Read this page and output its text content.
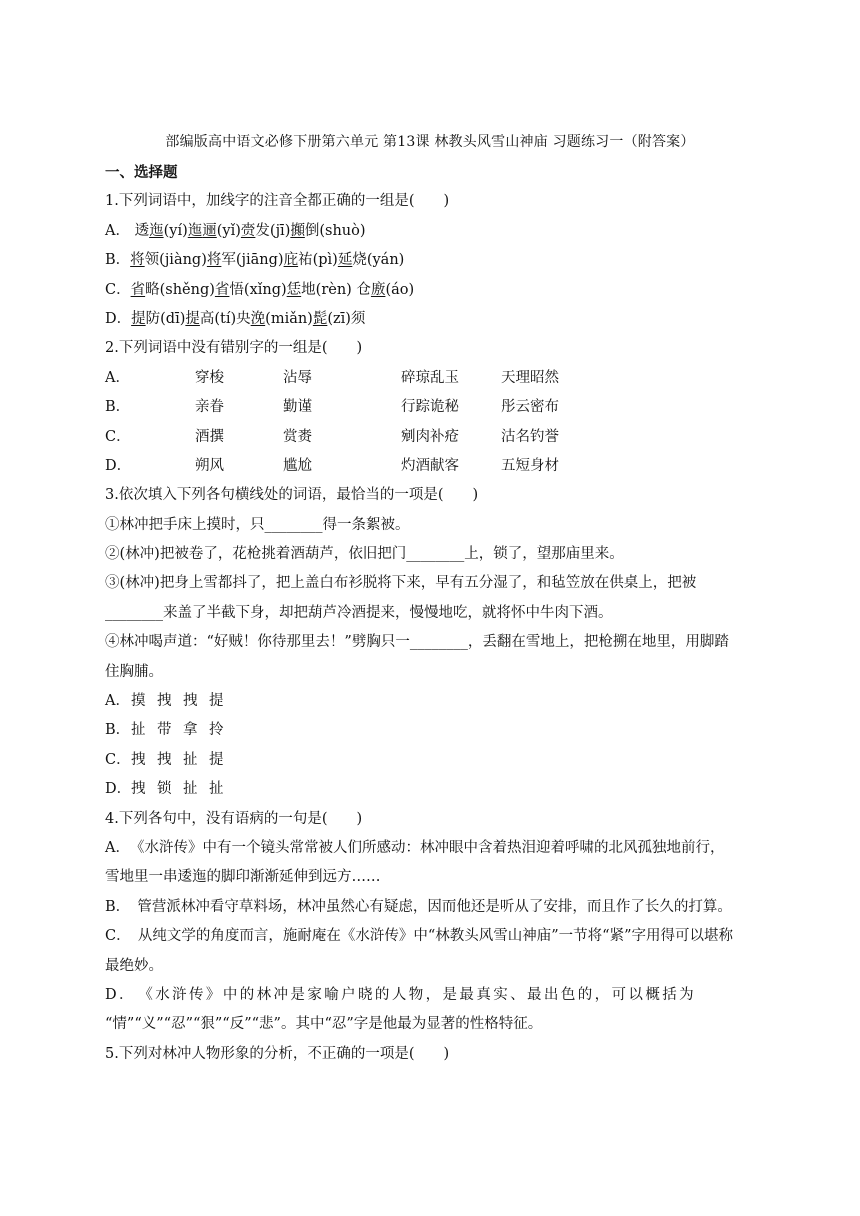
部编版高中语文必修下册第六单元 第13课 林教头风雪山神庙 习题练习一（附答案）
一、选择题
1.下列词语中，加线字的注音全都正确的一组是(　　)
A． 透迤(yí)迤逦(yǐ)赍发(jī)攧倒(shuò)
B．将领(jiàng)将军(jiāng)庇祐(pì)延烧(yán)
C．省略(shěng)省悟(xǐng)恁地(rèn) 仓廒(áo)
D．提防(dī)提高(tí)央浼(miǎn)髭(zī)须
2.下列词语中没有错别字的一组是(　　)
A．	穿梭	沾辱	碎琼乱玉	天理昭然
B．	亲眷	勤谨	行踪诡秘	彤云密布
C．	酒撰	赏赉	剜肉补疮	沽名钓誉
D．	朔风	尴尬	灼酒献客	五短身材
3.依次填入下列各句横线处的词语，最恰当的一项是(　　)
①林冲把手床上摸时，只________得一条絮被。
②(林冲)把被卷了，花枪挑着酒葫芦，依旧把门________上，锁了，望那庙里来。
③(林冲)把身上雪都抖了，把上盖白布衫脱将下来，早有五分湿了，和毡笠放在供桌上，把被
________来盖了半截下身，却把葫芦冷酒提来，慢慢地吃，就将怀中牛肉下酒。
④林冲喝声道：“好贼！你待那里去！”劈胸只一________，丢翻在雪地上，把枪搠在地里，用脚踏
住胸脯。
A．摸 拽 拽 提
B．扯 带 拿 拎
C．拽 拽 扯 提
D．拽 锁 扯 扯
4.下列各句中，没有语病的一句是(　　)
A．　《水浒传》中有一个镜头常常被人们所感动：林冲眼中含着热泪迎着呼啸的北风孤独地前行，
雪地里一串逶迤的脚印渐渐延伸到远方……
B．　管营派林冲看守草料场，林冲虽然心有疑虑，因而他还是听从了安排，而且作了长久的打算。
C．　从纯文学的角度而言，施耐庵在《水浒传》中“林教头风雪山神庙”一节将“紧”字用得可以堪称
最绝妙。
D．　《水浒传》中的林冲是家喻户晓的人物，是最真实、最出色的，可以概括为
“情”“义”“忍”“狠”“反”“悲”。其中“忍”字是他最为显著的性格特征。
5.下列对林冲人物形象的分析，不正确的一项是(　　)
